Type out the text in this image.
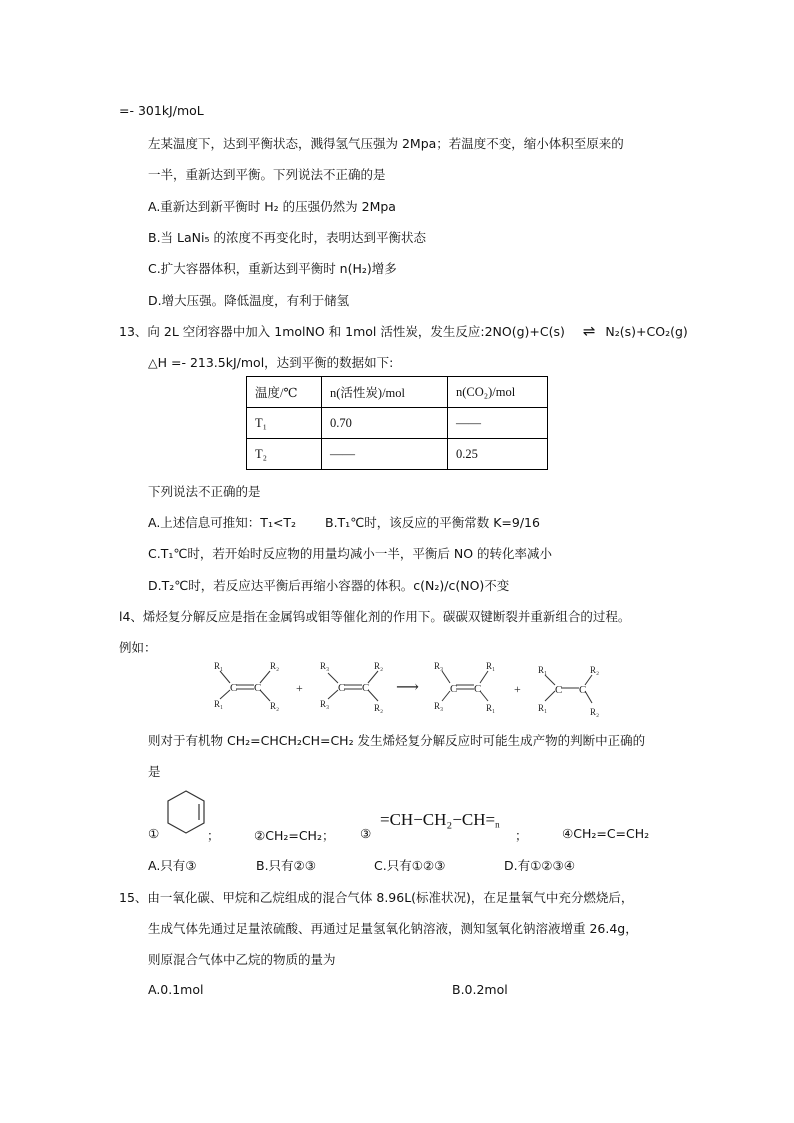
=- 301kJ/moL
左某温度下，达到平衡状态，溅得氢气压强为 2Mpa；若温度不变，缩小体积至原来的
一半，重新达到平衡。下列说法不正确的是
A.重新达到新平衡时 H₂ 的压强仍然为 2Mpa
B.当 LaNi₅ 的浓度不再变化时，表明达到平衡状态
C.扩大容器体积，重新达到平衡时 n(H₂)增多
D.增大压强。降低温度，有利于储氢
13、向 2L 空闭容器中加入 1molNO 和 1mol 活性炭，发生反应:2NO(g)+C(s) ⇌ N₂(s)+CO₂(g)
△H =- 213.5kJ/mol，达到平衡的数据如下:
温度/℃	n(活性炭)/mol	n(CO₂)/mol
T₁	0.70	——
T₂	——	0.25
下列说法不正确的是
A.上述信息可推知：T₁<T₂ B.T₁℃时，该反应的平衡常数 K=9/16
C.T₁℃时，若开始时反应物的用量均减小一半，平衡后 NO 的转化率减小
D.T₂℃时，若反应达平衡后再缩小容器的体积。c(N₂)/c(NO)不变
l4、烯烃复分解反应是指在金属钨或钼等催化剂的作用下。碳碳双键断裂并重新组合的过程。
例如：
R₁
R₁
C C
R₂
R₂
+
R₃
R₃
C C
R₂
R₂
⟶
R₃
R₃
C C
R₁
R₁
+
R₁
R₁
C C
R₂
R₂
则对于有机物 CH₂=CHCH₂CH=CH₂ 发生烯烃复分解反应时可能生成产物的判断中正确的
是
①	；	②CH₂=CH₂； ③
$=CH-CH_2-CH=_n$
；	④CH₂=C=CH₂
A.只有③	B.只有②③	C.只有①②③	D.有①②③④
15、由一氧化碳、甲烷和乙烷组成的混合气体 8.96L(标准状况)，在足量氧气中充分燃烧后，
生成气体先通过足量浓硫酸、再通过足量氢氧化钠溶液，测知氢氧化钠溶液增重 26.4g，
则原混合气体中乙烷的物质的量为
A.0.1mol	B.0.2mol
